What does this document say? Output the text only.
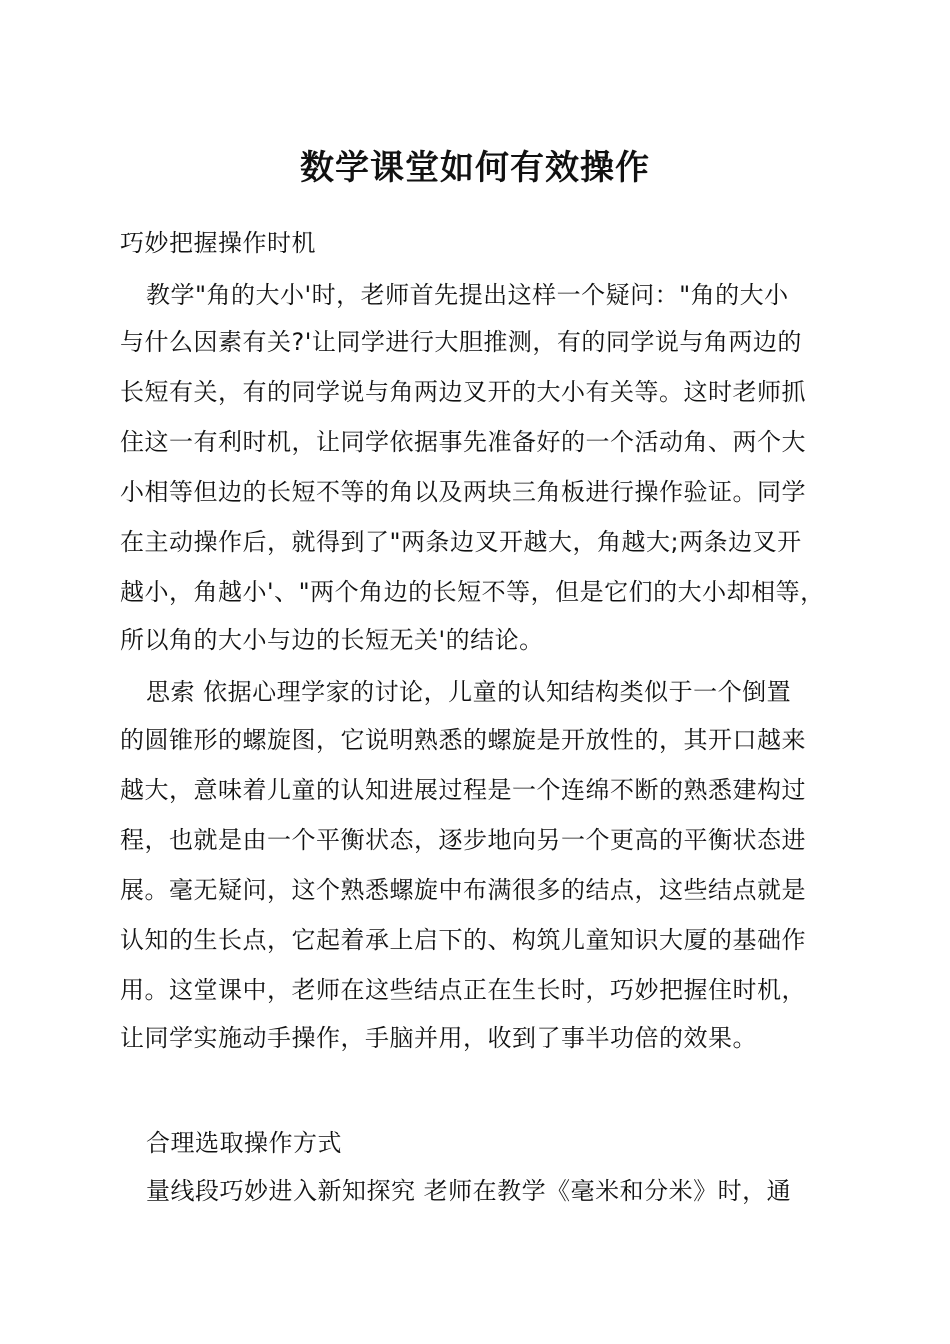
数学课堂如何有效操作
巧妙把握操作时机
教学"角的大小'时，老师首先提出这样一个疑问："角的大小
与什么因素有关?'让同学进行大胆推测，有的同学说与角两边的
长短有关，有的同学说与角两边叉开的大小有关等。这时老师抓
住这一有利时机，让同学依据事先准备好的一个活动角、两个大
小相等但边的长短不等的角以及两块三角板进行操作验证。同学
在主动操作后，就得到了"两条边叉开越大，角越大;两条边叉开
越小，角越小'、"两个角边的长短不等，但是它们的大小却相等，
所以角的大小与边的长短无关'的结论。
思索 依据心理学家的讨论，儿童的认知结构类似于一个倒置
的圆锥形的螺旋图，它说明熟悉的螺旋是开放性的，其开口越来
越大，意味着儿童的认知进展过程是一个连绵不断的熟悉建构过
程，也就是由一个平衡状态，逐步地向另一个更高的平衡状态进
展。毫无疑问，这个熟悉螺旋中布满很多的结点，这些结点就是
认知的生长点，它起着承上启下的、构筑儿童知识大厦的基础作
用。这堂课中，老师在这些结点正在生长时，巧妙把握住时机，
让同学实施动手操作，手脑并用，收到了事半功倍的效果。
合理选取操作方式
量线段巧妙进入新知探究 老师在教学《毫米和分米》时，通
